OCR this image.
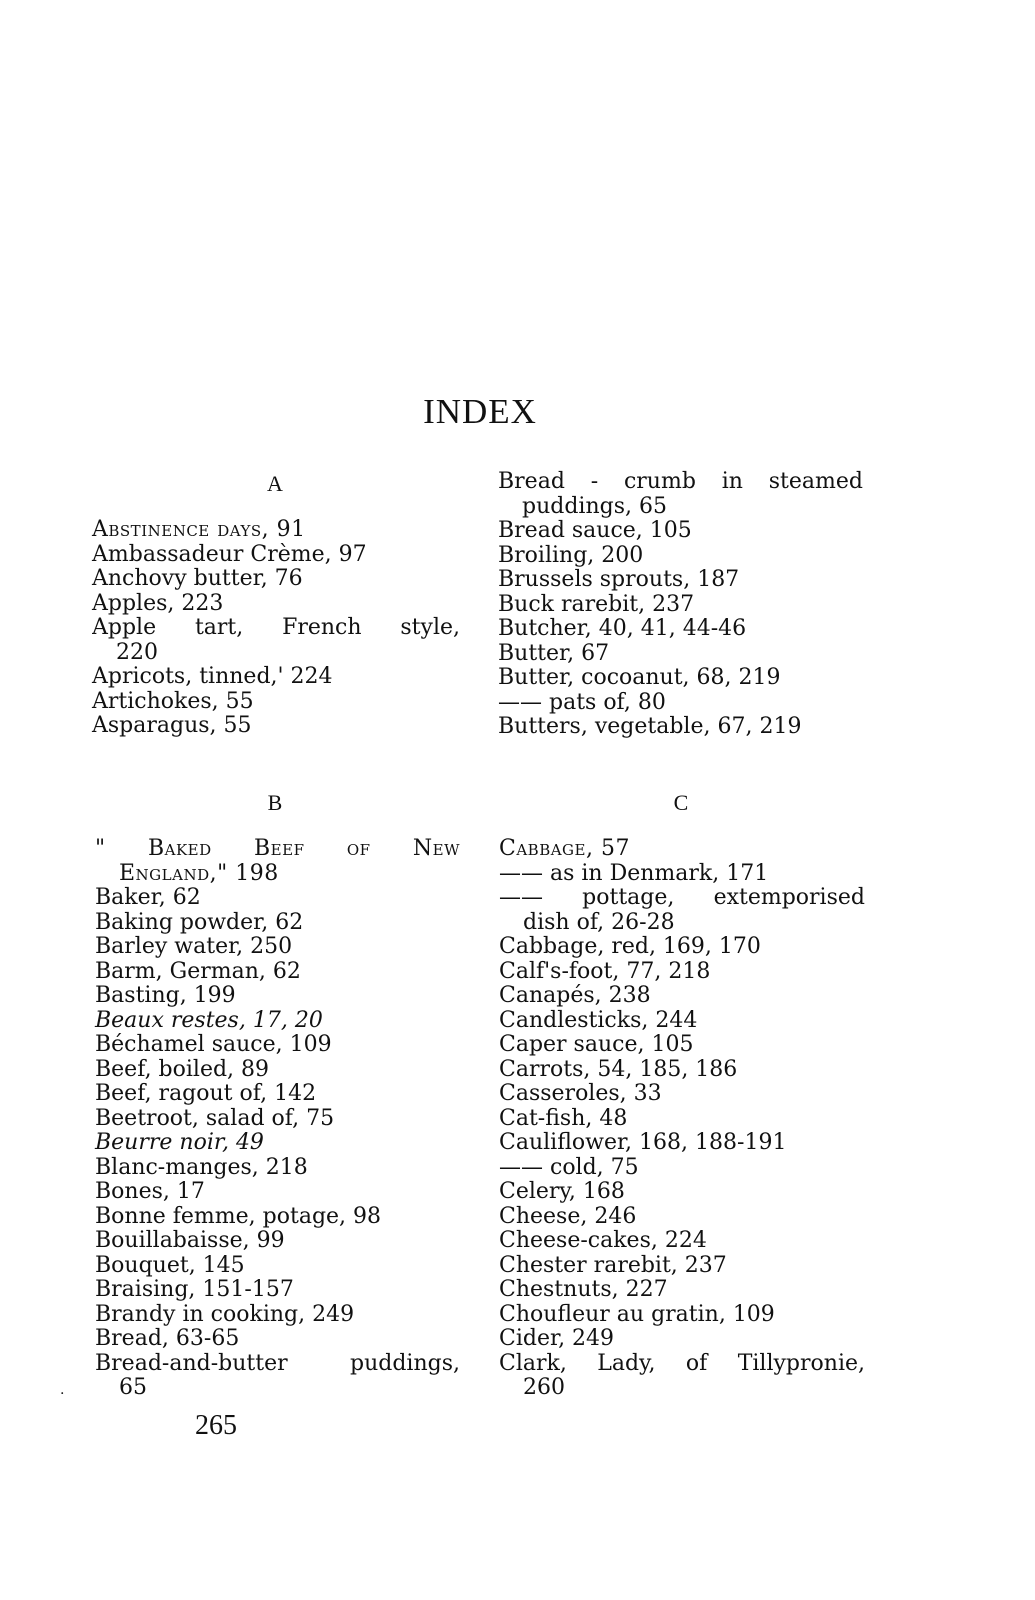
INDEX
A
Abstinence days, 91
Ambassadeur Crème, 97
Anchovy butter, 76
Apples, 223
Apple tart, French style,
220
Apricots, tinned,' 224
Artichokes, 55
Asparagus, 55
Bread - crumb in steamed
puddings, 65
Bread sauce, 105
Broiling, 200
Brussels sprouts, 187
Buck rarebit, 237
Butcher, 40, 41, 44-46
Butter, 67
Butter, cocoanut, 68, 219
—— pats of, 80
Butters, vegetable, 67, 219
B	C
" Baked Beef of New
England," 198
Baker, 62
Baking powder, 62
Barley water, 250
Barm, German, 62
Basting, 199
Beaux restes, 17, 20
Béchamel sauce, 109
Beef, boiled, 89
Beef, ragout of, 142
Beetroot, salad of, 75
Beurre noir, 49
Blanc-manges, 218
Bones, 17
Bonne femme, potage, 98
Bouillabaisse, 99
Bouquet, 145
Braising, 151-157
Brandy in cooking, 249
Bread, 63-65
Bread-and-butter puddings,
65
Cabbage, 57
—— as in Denmark, 171
—— pottage, extemporised
dish of, 26-28
Cabbage, red, 169, 170
Calf's-foot, 77, 218
Canapés, 238
Candlesticks, 244
Caper sauce, 105
Carrots, 54, 185, 186
Casseroles, 33
Cat-fish, 48
Cauliflower, 168, 188-191
—— cold, 75
Celery, 168
Cheese, 246
Cheese-cakes, 224
Chester rarebit, 237
Chestnuts, 227
Choufleur au gratin, 109
Cider, 249
Clark, Lady, of Tillypronie,
260
.
265
